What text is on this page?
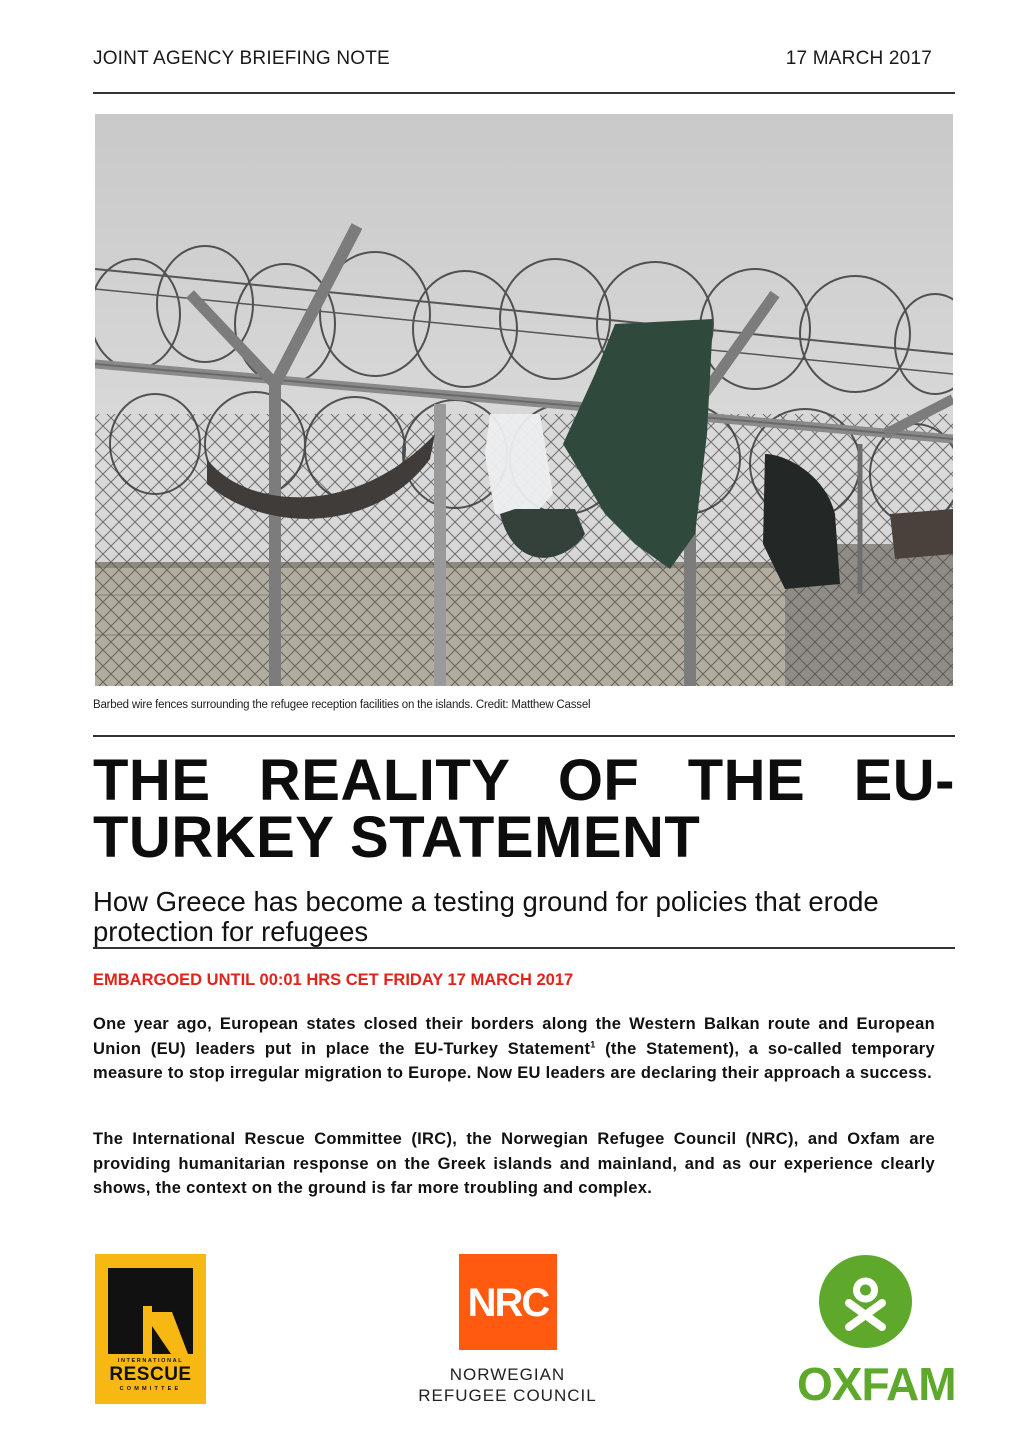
JOINT AGENCY BRIEFING NOTE	17 MARCH 2017
Barbed wire fences surrounding the refugee reception facilities on the islands. Credit: Matthew Cassel
THE REALITY OF THE EU-TURKEY STATEMENT
How Greece has become a testing ground for policies that erode protection for refugees
EMBARGOED UNTIL 00:01 HRS CET FRIDAY 17 MARCH 2017

One year ago, European states closed their borders along the Western Balkan route and European Union (EU) leaders put in place the EU-Turkey Statement$^1$ (the Statement), a so-called temporary measure to stop irregular migration to Europe. Now EU leaders are declaring their approach a success.

The International Rescue Committee (IRC), the Norwegian Refugee Council (NRC), and Oxfam are providing humanitarian response on the Greek islands and mainland, and as our experience clearly shows, the context on the ground is far more troubling and complex.

INTERNATIONAL
RESCUE
COMMITTEE
NRC
NORWEGIAN
REFUGEE COUNCIL	OXFAM
